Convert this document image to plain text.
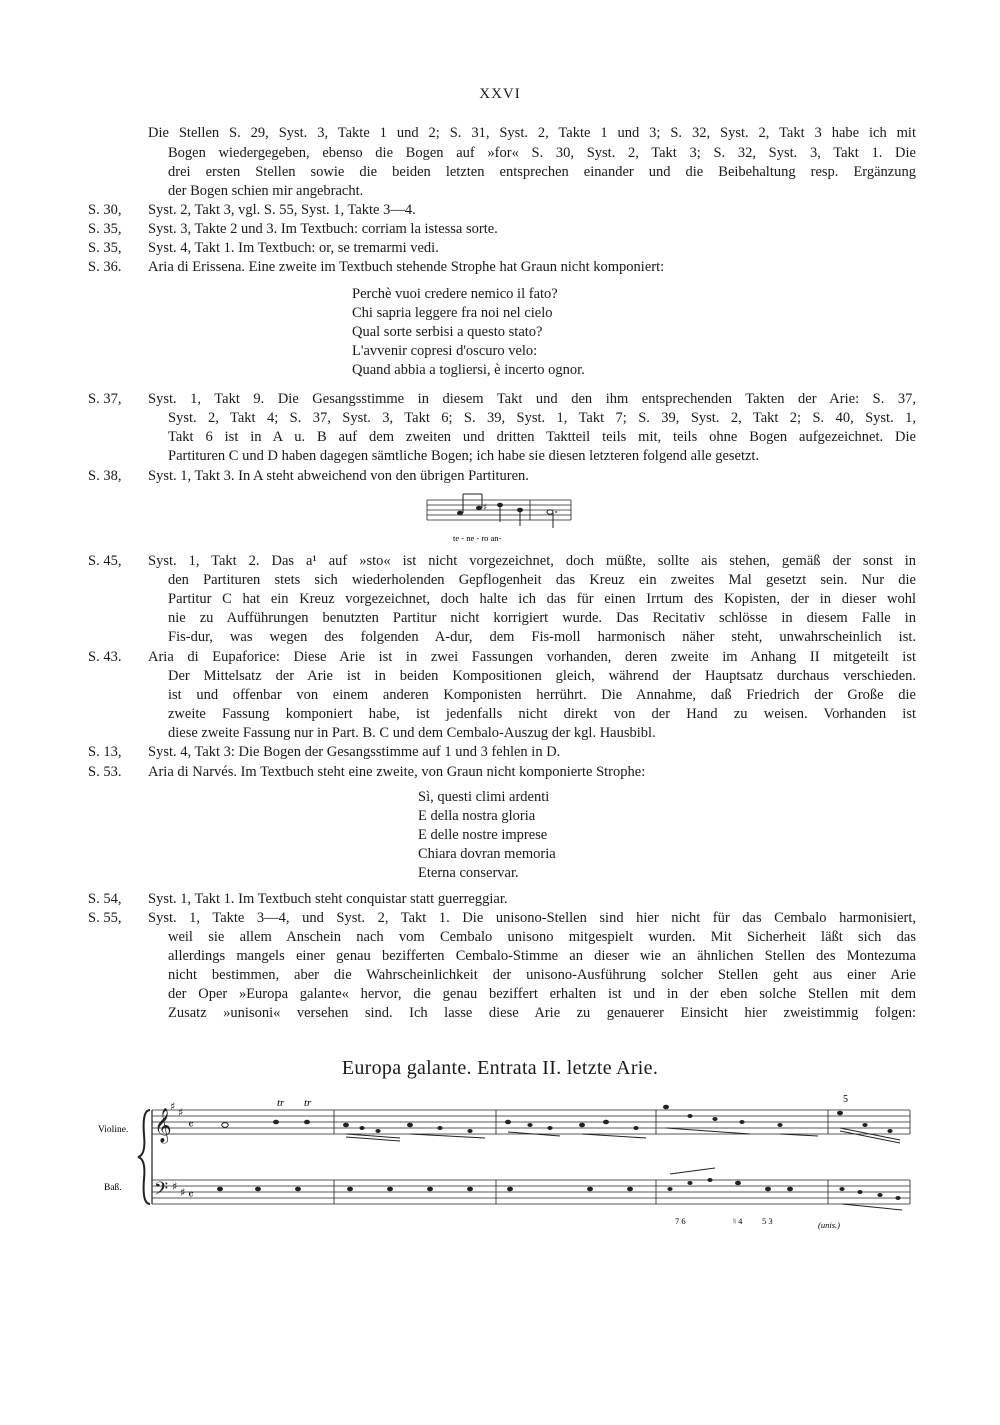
XXVI
Die Stellen S. 29, Syst. 3, Takte 1 und 2; S. 31, Syst. 2, Takte 1 und 3; S. 32, Syst. 2, Takt 3 habe ich mit
Bogen wiedergegeben, ebenso die Bogen auf »for« S. 30, Syst. 2, Takt 3; S. 32, Syst. 3, Takt 1. Die
drei ersten Stellen sowie die beiden letzten entsprechen einander und die Beibehaltung resp. Ergänzung
der Bogen schien mir angebracht.
S. 30, Syst. 2, Takt 3, vgl. S. 55, Syst. 1, Takte 3—4.
S. 35, Syst. 3, Takte 2 und 3. Im Textbuch: corriam la istessa sorte.
S. 35, Syst. 4, Takt 1. Im Textbuch: or, se tremarmi vedi.
S. 36. Aria di Erissena. Eine zweite im Textbuch stehende Strophe hat Graun nicht komponiert:
Perchè vuoi credere nemico il fato?
Chi sapria leggere fra noi nel cielo
Qual sorte serbisi a questo stato?
L'avvenir copresi d'oscuro velo:
Quand abbia a togliersi, è incerto ognor.
S. 37, Syst. 1, Takt 9. Die Gesangsstimme in diesem Takt und den ihm entsprechenden Takten der Arie: S. 37,
Syst. 2, Takt 4; S. 37, Syst. 3, Takt 6; S. 39, Syst. 1, Takt 7; S. 39, Syst. 2, Takt 2; S. 40, Syst. 1,
Takt 6 ist in A u. B auf dem zweiten und dritten Taktteil teils mit, teils ohne Bogen aufgezeichnet. Die
Partituren C und D haben dagegen sämtliche Bogen; ich habe sie diesen letzteren folgend alle gesetzt.
S. 38, Syst. 1, Takt 3. In A steht abweichend von den übrigen Partituren.
♯
te - ne - ro an-
S. 45, Syst. 1, Takt 2. Das a¹ auf »sto« ist nicht vorgezeichnet, doch müßte, sollte ais stehen, gemäß der sonst in
den Partituren stets sich wiederholenden Gepflogenheit das Kreuz ein zweites Mal gesetzt sein. Nur die
Partitur C hat ein Kreuz vorgezeichnet, doch halte ich das für einen Irrtum des Kopisten, der in dieser wohl
nie zu Aufführungen benutzten Partitur nicht korrigiert wurde. Das Recitativ schlösse in diesem Falle in
Fis-dur, was wegen des folgenden A-dur, dem Fis-moll harmonisch näher steht, unwahrscheinlich ist.
S. 43. Aria di Eupaforice: Diese Arie ist in zwei Fassungen vorhanden, deren zweite im Anhang II mitgeteilt ist
Der Mittelsatz der Arie ist in beiden Kompositionen gleich, während der Hauptsatz durchaus verschieden.
ist und offenbar von einem anderen Komponisten herrührt. Die Annahme, daß Friedrich der Große die
zweite Fassung komponiert habe, ist jedenfalls nicht direkt von der Hand zu weisen. Vorhanden ist
diese zweite Fassung nur in Part. B. C und dem Cembalo-Auszug der kgl. Hausbibl.
S. 13, Syst. 4, Takt 3: Die Bogen der Gesangsstimme auf 1 und 3 fehlen in D.
S. 53. Aria di Narvés. Im Textbuch steht eine zweite, von Graun nicht komponierte Strophe:
Sì, questi climi ardenti
E della nostra gloria
E delle nostre imprese
Chiara dovran memoria
Eterna conservar.
S. 54, Syst. 1, Takt 1. Im Textbuch steht conquistar statt guerreggiar.
S. 55, Syst. 1, Takte 3—4, und Syst. 2, Takt 1. Die unisono-Stellen sind hier nicht für das Cembalo harmonisiert,
weil sie allem Anschein nach vom Cembalo unisono mitgespielt wurden. Mit Sicherheit läßt sich das
allerdings mangels einer genau bezifferten Cembalo-Stimme an dieser wie an ähnlichen Stellen des Montezuma
nicht bestimmen, aber die Wahrscheinlichkeit der unisono-Ausführung solcher Stellen geht aus einer Arie
der Oper »Europa galante« hervor, die genau beziffert erhalten ist und in der eben solche Stellen mit dem
Zusatz »unisoni« versehen sind. Ich lasse diese Arie zu genauerer Einsicht hier zweistimmig folgen:
Europa galante. Entrata II. letzte Arie.
Violine.
Baß.
𝄞
♯ ♯
𝄴
tr tr	5
𝄢 ♯ ♯ 𝄴
7 6	♮ 4 5 3	(unis.)
